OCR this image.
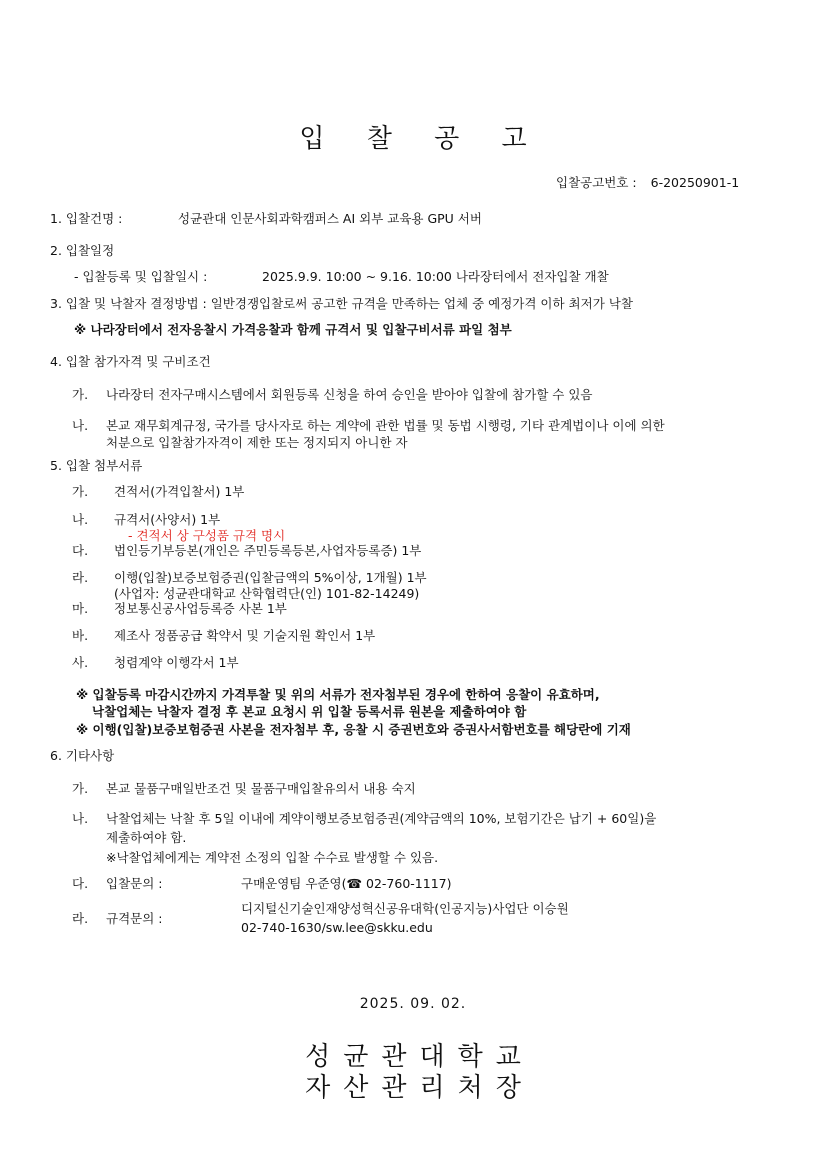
입 찰 공 고
입찰공고번호 : 6-20250901-1
1. 입찰건명 :	성균관대 인문사회과학캠퍼스 AI 외부 교육용 GPU 서버
2. 입찰일정
- 입찰등록 및 입찰일시 :	2025.9.9. 10:00 ~ 9.16. 10:00 나라장터에서 전자입찰 개찰
3. 입찰 및 낙찰자 결정방법 : 일반경쟁입찰로써 공고한 규격을 만족하는 업체 중 예정가격 이하 최저가 낙찰
※ 나라장터에서 전자응찰시 가격응찰과 함께 규격서 및 입찰구비서류 파일 첨부
4. 입찰 참가자격 및 구비조건
가. 나라장터 전자구매시스템에서 회원등록 신청을 하여 승인을 받아야 입찰에 참가할 수 있음
나. 본교 재무회계규정, 국가를 당사자로 하는 계약에 관한 법률 및 동법 시행령, 기타 관계법이나 이에 의한
처분으로 입찰참가자격이 제한 또는 정지되지 아니한 자
5. 입찰 첨부서류
가. 견적서(가격입찰서) 1부
나. 규격서(사양서) 1부
- 견적서 상 구성품 규격 명시
다. 법인등기부등본(개인은 주민등록등본,사업자등록증) 1부
라. 이행(입찰)보증보험증권(입찰금액의 5%이상, 1개월) 1부
(사업자: 성균관대학교 산학협력단(인) 101-82-14249)
마. 정보통신공사업등록증 사본 1부
바. 제조사 정품공급 확약서 및 기술지원 확인서 1부
사. 청렴계약 이행각서 1부
※ 입찰등록 마감시간까지 가격투찰 및 위의 서류가 전자첨부된 경우에 한하여 응찰이 유효하며,
낙찰업체는 낙찰자 결정 후 본교 요청시 위 입찰 등록서류 원본을 제출하여야 함
※ 이행(입찰)보증보험증권 사본을 전자첨부 후, 응찰 시 증권번호와 증권사서함번호를 해당란에 기재
6. 기타사항
가. 본교 물품구매일반조건 및 물품구매입찰유의서 내용 숙지
나. 낙찰업체는 낙찰 후 5일 이내에 계약이행보증보험증권(계약금액의 10%, 보험기간은 납기 + 60일)을
제출하여야 함.
※낙찰업체에게는 계약전 소정의 입찰 수수료 발생할 수 있음.
다. 입찰문의 :	구매운영팀 우준영(☎ 02-760-1117)
라. 규격문의 :
디지털신기술인재양성혁신공유대학(인공지능)사업단 이승원
02-740-1630/sw.lee@skku.edu
2025. 09. 02.
성균관대학교
자산관리처장
